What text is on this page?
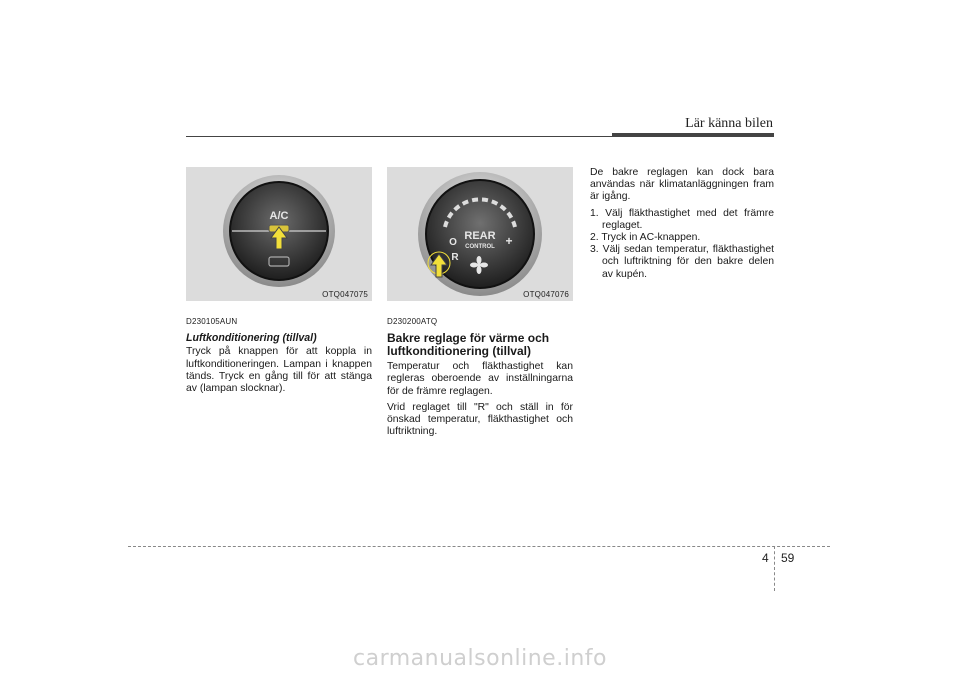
Lär känna bilen
A/C
OTQ047075
REAR
CONTROL
O
R
+
OTQ047076
D230105AUN
Luftkonditionering (tillval)

Tryck på knappen för att koppla in luftkonditioneringen. Lampan i knappen tänds. Tryck en gång till för att stänga av (lampan slocknar).

D230200ATQ
Bakre reglage för värme och luftkonditionering (tillval)

Temperatur och fläkthastighet kan regleras oberoende av inställningarna för de främre reglagen.

Vrid reglaget till "R" och ställ in för önskad temperatur, fläkthastighet och luftriktning.

De bakre reglagen kan dock bara användas när klimatanläggningen fram är igång.

1. Välj fläkthastighet med det främre reglaget.
2. Tryck in AC-knappen.
3. Välj sedan temperatur, fläkthastighet och luftriktning för den bakre delen av kupén.
4 59
carmanualsonline.info
